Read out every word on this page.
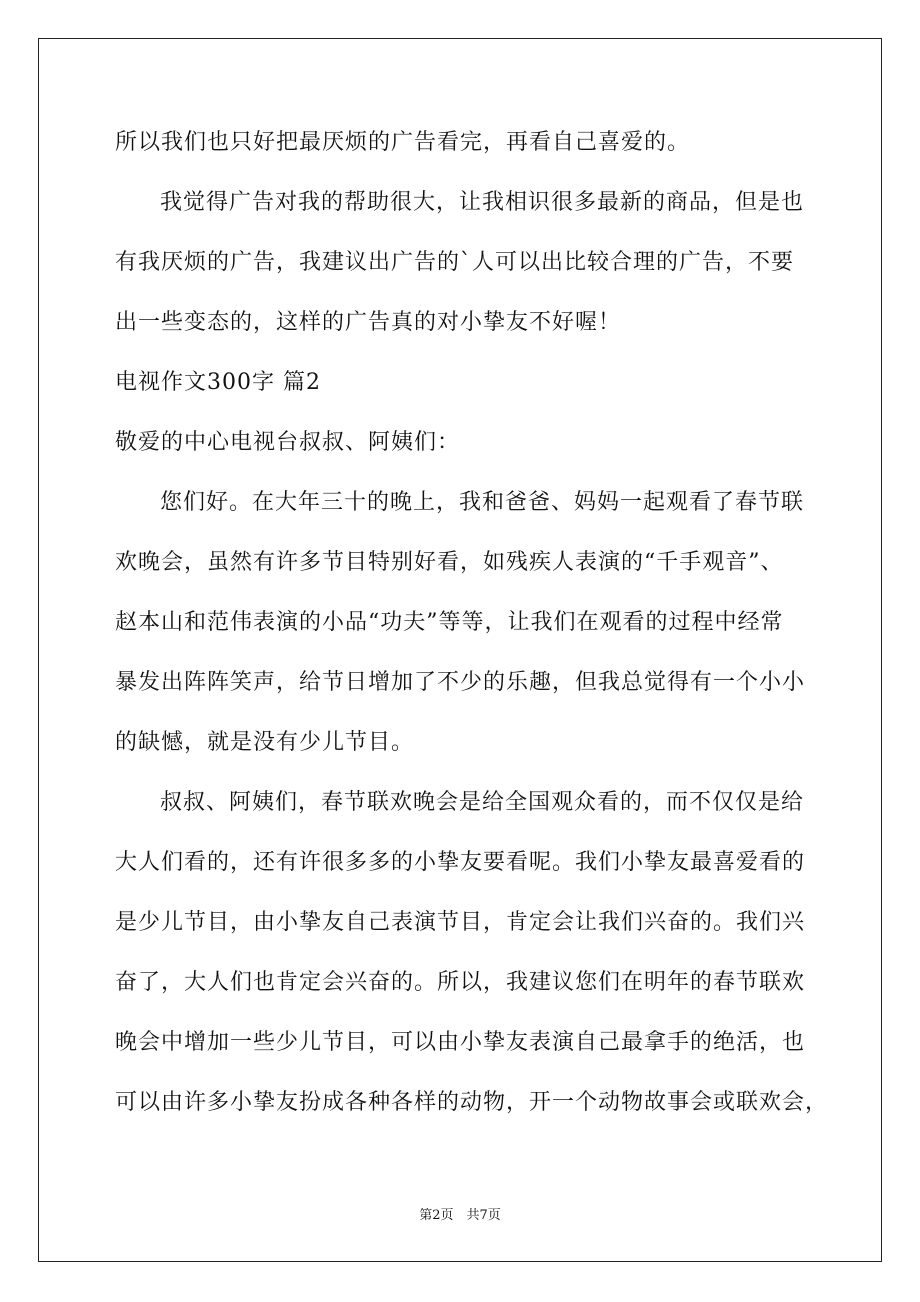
所以我们也只好把最厌烦的广告看完，再看自己喜爱的。
我觉得广告对我的帮助很大，让我相识很多最新的商品，但是也
有我厌烦的广告，我建议出广告的`人可以出比较合理的广告，不要
出一些变态的，这样的广告真的对小挚友不好喔！
电视作文300字 篇2
敬爱的中心电视台叔叔、阿姨们：
您们好。在大年三十的晚上，我和爸爸、妈妈一起观看了春节联
欢晚会，虽然有许多节目特别好看，如残疾人表演的“千手观音”、
赵本山和范伟表演的小品“功夫”等等，让我们在观看的过程中经常
暴发出阵阵笑声，给节日增加了不少的乐趣，但我总觉得有一个小小
的缺憾，就是没有少儿节目。
叔叔、阿姨们，春节联欢晚会是给全国观众看的，而不仅仅是给
大人们看的，还有许很多多的小挚友要看呢。我们小挚友最喜爱看的
是少儿节目，由小挚友自己表演节目，肯定会让我们兴奋的。我们兴
奋了，大人们也肯定会兴奋的。所以，我建议您们在明年的春节联欢
晚会中增加一些少儿节目，可以由小挚友表演自己最拿手的绝活，也
可以由许多小挚友扮成各种各样的动物，开一个动物故事会或联欢会，
第2页　共7页
